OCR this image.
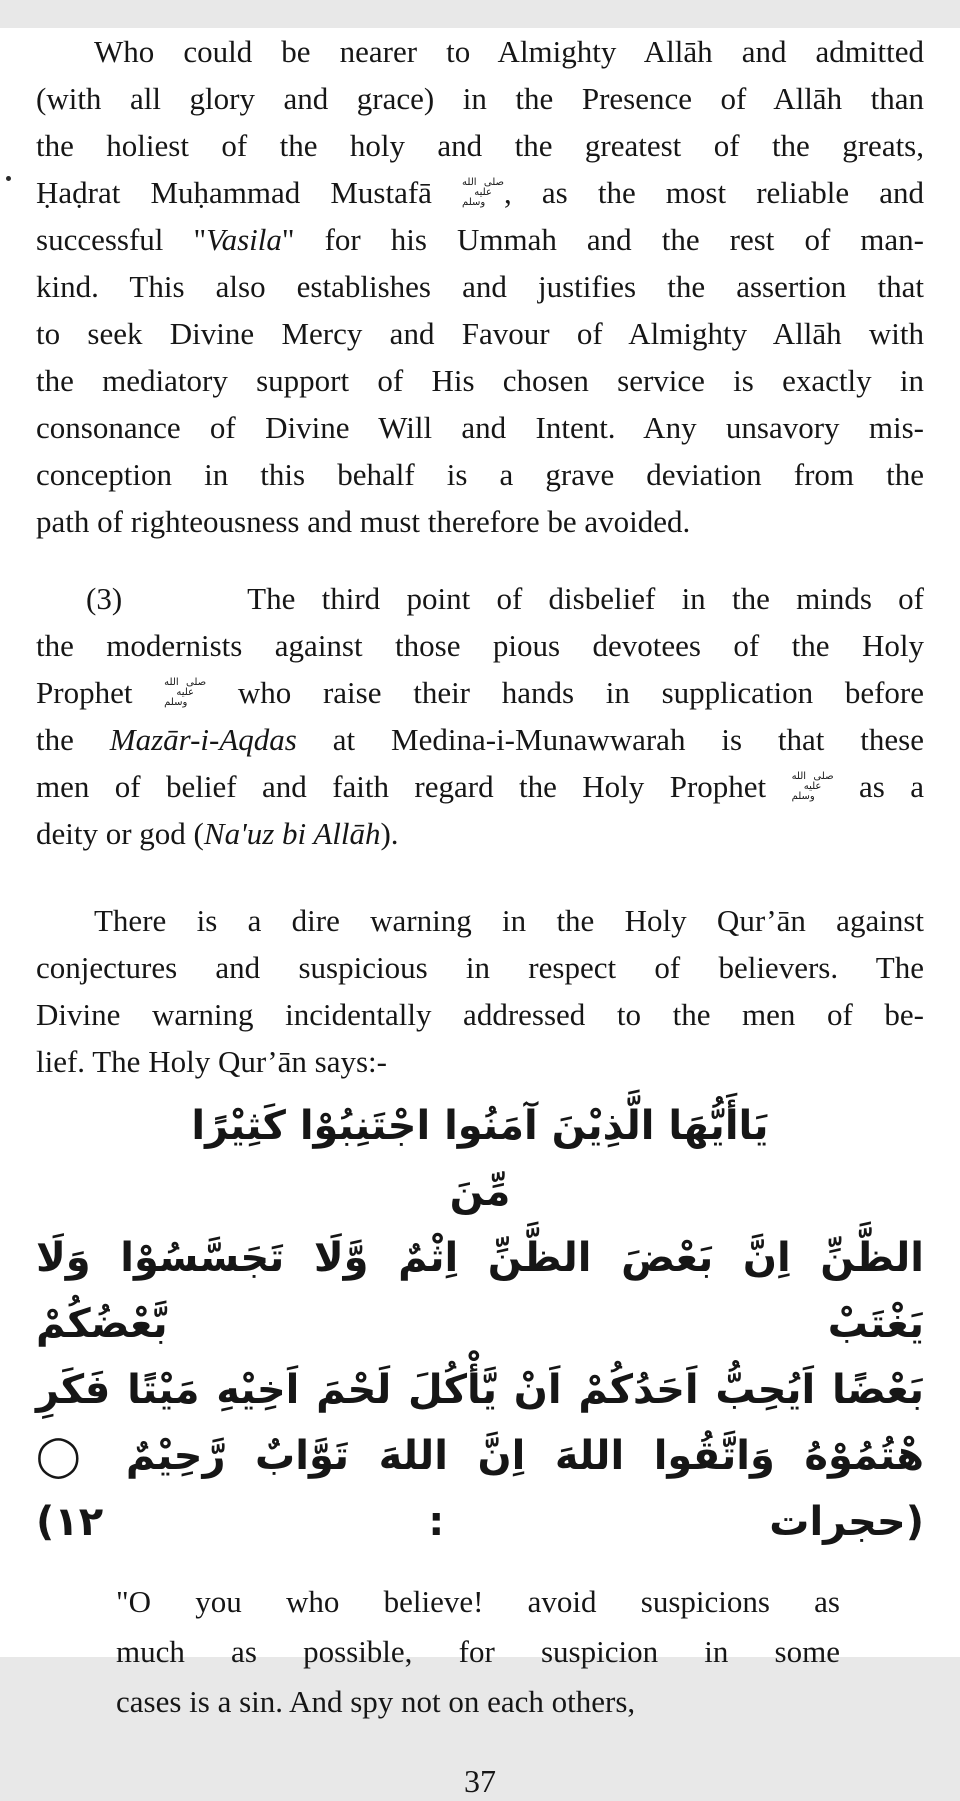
Who could be nearer to Almighty Allāh and admitted
(with all glory and grace) in the Presence of Allāh than
the holiest of the holy and the greatest of the greats,
Ḥaḍrat Muḥammad Mustafā صلى الله
عليه وسلم , as the most reliable and
successful "Vasila" for his Ummah and the rest of man-
kind. This also establishes and justifies the assertion that
to seek Divine Mercy and Favour of Almighty Allāh with
the mediatory support of His chosen service is exactly in
consonance of Divine Will and Intent. Any unsavory mis-
conception in this behalf is a grave deviation from the
path of righteousness and must therefore be avoided.
(3)	The third point of disbelief in the minds of
the modernists against those pious devotees of the Holy
Prophet صلى الله
عليه وسلم who raise their hands in supplication before
the Mazār-i-Aqdas at Medina-i-Munawwarah is that these
men of belief and faith regard the Holy Prophet صلى الله
عليه وسلم as a
deity or god (Na'uz bi Allāh).
There is a dire warning in the Holy Qur’ān against
conjectures and suspicious in respect of believers. The
Divine warning incidentally addressed to the men of be-
lief. The Holy Qur’ān says:-
يَاأَيُّهَا الَّذِيْنَ آمَنُوا اجْتَنِبُوْا كَثِيْرًا مِّنَ
الظَّنِّ اِنَّ بَعْضَ الظَّنِّ اِثْمٌ وَّلَا تَجَسَّسُوْا وَلَا يَغْتَبْ بَّعْضُكُمْ
بَعْضًا اَيُحِبُّ اَحَدُكُمْ اَنْ يَّأْكُلَ لَحْمَ اَخِيْهِ مَيْتًا فَكَرِ
هْتُمُوْهُ وَاتَّقُوا اللهَ اِنَّ اللهَ تَوَّابٌ رَّحِيْمٌ ◯ (حجرات : ۱۲)
"O you who believe! avoid suspicions as
much as possible, for suspicion in some
cases is a sin. And spy not on each others,
37
